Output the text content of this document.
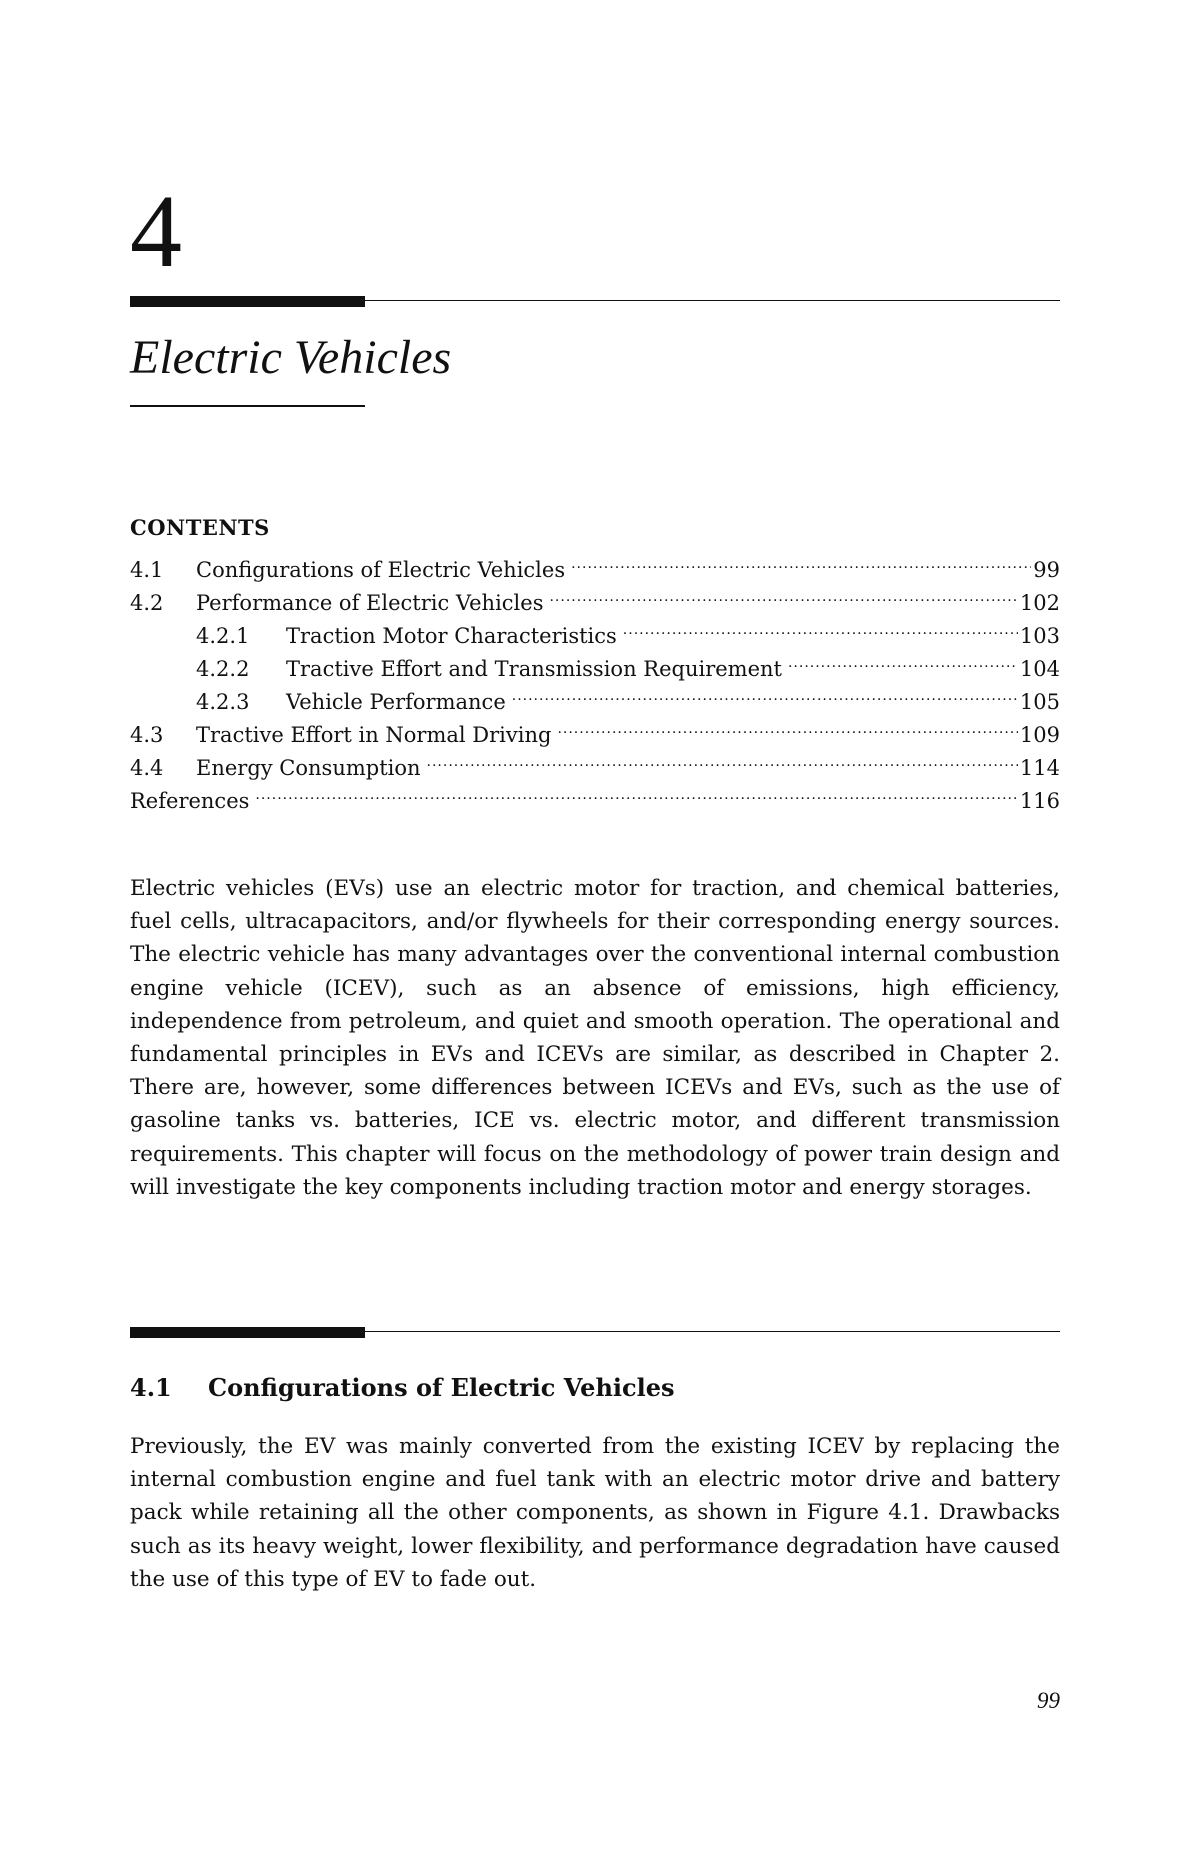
4
Electric Vehicles
CONTENTS
4.1	Configurations of Electric Vehicles .....	99
4.2	Performance of Electric Vehicles .....	102
4.2.1	Traction Motor Characteristics .....	103
4.2.2	Tractive Effort and Transmission Requirement .....	104
4.2.3	Vehicle Performance .....	105
4.3	Tractive Effort in Normal Driving .....	109
4.4	Energy Consumption .....	114
References .....	116

Electric vehicles (EVs) use an electric motor for traction, and chemical batteries, fuel cells, ultracapacitors, and/or flywheels for their corresponding energy sources. The electric vehicle has many advantages over the conventional internal combustion engine vehicle (ICEV), such as an absence of emissions, high efficiency, independence from petroleum, and quiet and smooth operation. The operational and fundamental principles in EVs and ICEVs are similar, as described in Chapter 2. There are, however, some differences between ICEVs and EVs, such as the use of gasoline tanks vs. batteries, ICE vs. electric motor, and different transmission requirements. This chapter will focus on the methodology of power train design and will investigate the key components including traction motor and energy storages.

4.1 Configurations of Electric Vehicles

Previously, the EV was mainly converted from the existing ICEV by replacing the internal combustion engine and fuel tank with an electric motor drive and battery pack while retaining all the other components, as shown in Figure 4.1. Drawbacks such as its heavy weight, lower flexibility, and performance degradation have caused the use of this type of EV to fade out.

99
